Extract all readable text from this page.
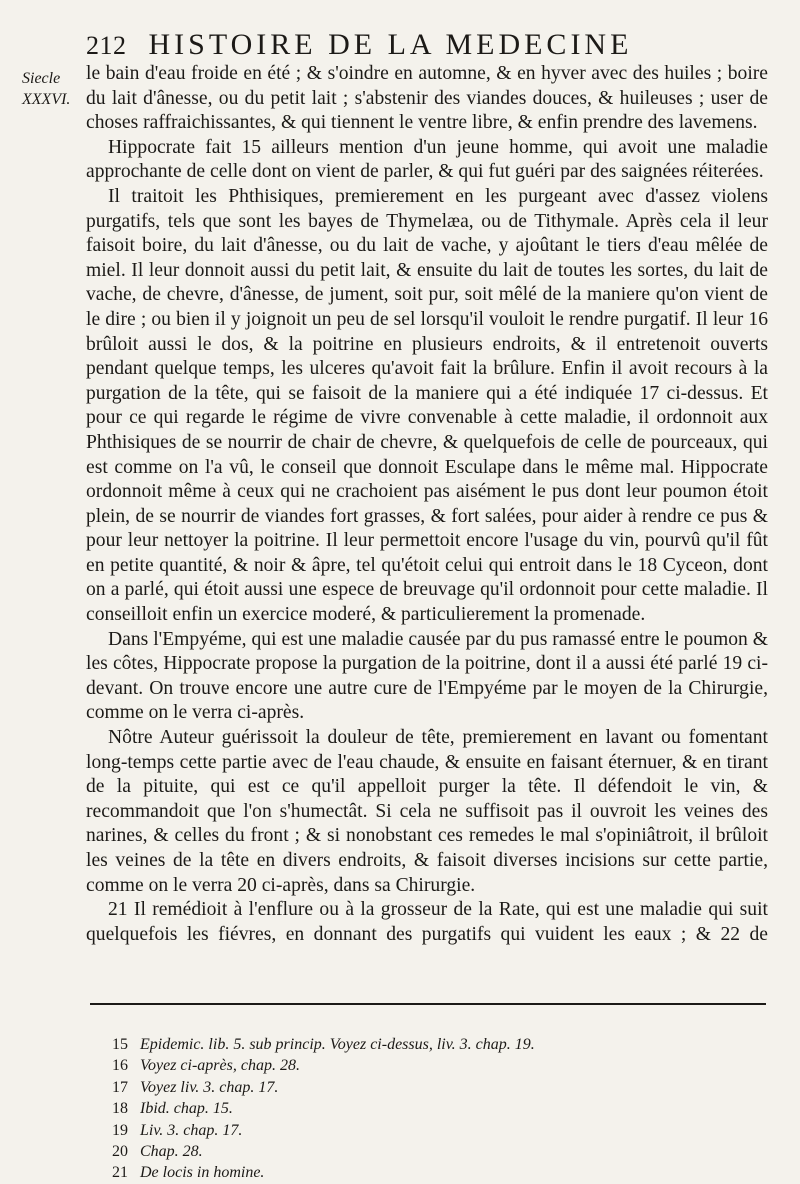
212 HISTOIRE DE LA MEDECINE
Siecle
XXXVI.

le bain d'eau froide en été ; & s'oindre en automne, & en hyver avec des huiles ; boire du lait d'ânesse, ou du petit lait ; s'abstenir des viandes douces, & huileuses ; user de choses raffraichissantes, & qui tiennent le ventre libre, & enfin prendre des lavemens.

Hippocrate fait 15 ailleurs mention d'un jeune homme, qui avoit une maladie approchante de celle dont on vient de parler, & qui fut guéri par des saignées réiterées.

Il traitoit les Phthisiques, premierement en les purgeant avec d'assez violens purgatifs, tels que sont les bayes de Thymelæa, ou de Tithymale. Après cela il leur faisoit boire, du lait d'ânesse, ou du lait de vache, y ajoûtant le tiers d'eau mêlée de miel. Il leur donnoit aussi du petit lait, & ensuite du lait de toutes les sortes, du lait de vache, de chevre, d'ânesse, de jument, soit pur, soit mêlé de la maniere qu'on vient de le dire ; ou bien il y joignoit un peu de sel lorsqu'il vouloit le rendre purgatif. Il leur 16 brûloit aussi le dos, & la poitrine en plusieurs endroits, & il entretenoit ouverts pendant quelque temps, les ulceres qu'avoit fait la brûlure. Enfin il avoit recours à la purgation de la tête, qui se faisoit de la maniere qui a été indiquée 17 ci-dessus. Et pour ce qui regarde le régime de vivre convenable à cette maladie, il ordonnoit aux Phthisiques de se nourrir de chair de chevre, & quelquefois de celle de pourceaux, qui est comme on l'a vû, le conseil que donnoit Esculape dans le même mal. Hippocrate ordonnoit même à ceux qui ne crachoient pas aisément le pus dont leur poumon étoit plein, de se nourrir de viandes fort grasses, & fort salées, pour aider à rendre ce pus & pour leur nettoyer la poitrine. Il leur permettoit encore l'usage du vin, pourvû qu'il fût en petite quantité, & noir & âpre, tel qu'étoit celui qui entroit dans le 18 Cyceon, dont on a parlé, qui étoit aussi une espece de breuvage qu'il ordonnoit pour cette maladie. Il conseilloit enfin un exercice moderé, & particulierement la promenade.

Dans l'Empyéme, qui est une maladie causée par du pus ramassé entre le poumon & les côtes, Hippocrate propose la purgation de la poitrine, dont il a aussi été parlé 19 ci-devant. On trouve encore une autre cure de l'Empyéme par le moyen de la Chirurgie, comme on le verra ci-après.

Nôtre Auteur guérissoit la douleur de tête, premierement en lavant ou fomentant long-temps cette partie avec de l'eau chaude, & ensuite en faisant éternuer, & en tirant de la pituite, qui est ce qu'il appelloit purger la tête. Il défendoit le vin, & recommandoit que l'on s'humectât. Si cela ne suffisoit pas il ouvroit les veines des narines, & celles du front ; & si nonobstant ces remedes le mal s'opiniâtroit, il brûloit les veines de la tête en divers endroits, & faisoit diverses incisions sur cette partie, comme on le verra 20 ci-après, dans sa Chirurgie.

21 Il remédioit à l'enflure ou à la grosseur de la Rate, qui est une maladie qui suit quelquefois les fiévres, en donnant des purgatifs qui vuident les eaux ; & 22 de

15 Epidemic. lib. 5. sub princip. Voyez ci-dessus, liv. 3. chap. 19.
16 Voyez ci-après, chap. 28.
17 Voyez liv. 3. chap. 17.
18 Ibid. chap. 15.
19 Liv. 3. chap. 17.
20 Chap. 28.
21 De locis in homine.
